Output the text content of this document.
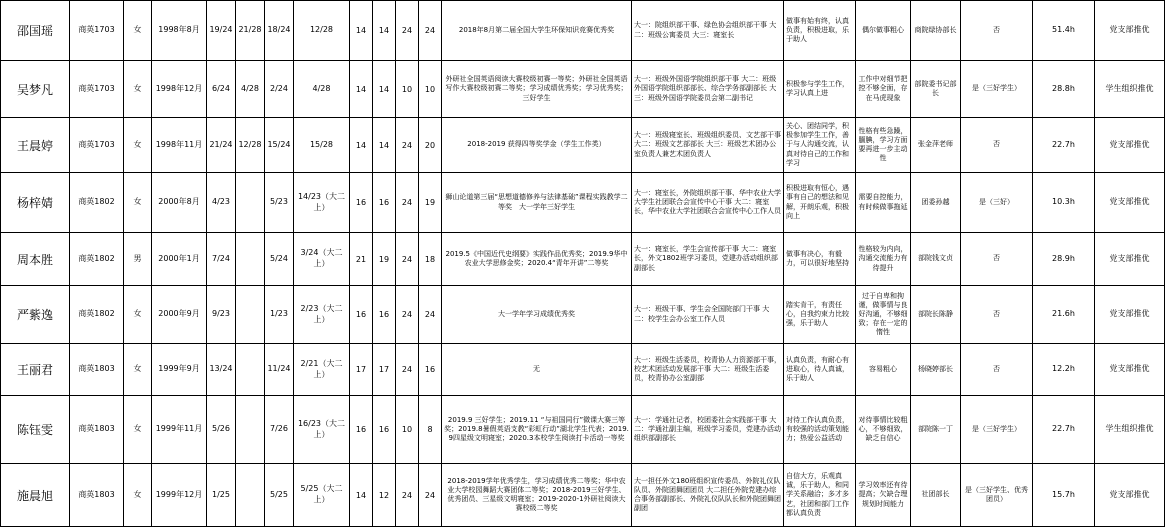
邵国瑶	商英1703	女	1998年8月	19/24	21/28	18/24	12/28	14	14	24	24	2018年8月第二届全国大学生环保知识竞赛优秀奖	大一：院组织部干事、绿色协会组织部干事 大二：班级公寓委员 大三：寝室长	做事有始有终，认真负责，积极进取，乐于助人	偶尔做事粗心	商院绿协部长	否	51.4h	党支部推优
吴梦凡	商英1703	女	1998年12月	6/24	4/28	2/24	4/28	14	14	10	10	外研社全国英语阅读大赛校级初赛一等奖；外研社全国英语写作大赛校级初赛二等奖；学习成绩优秀奖；学习优秀奖；三好学生	大一：班级外国语学院组织部干事 大二：班级外国语学院组织部部长、综合学务部副部长 大三：班级外国语学院委员会第二副书记	积极参与学生工作，学习认真上进	工作中对细节把控不够全面，存在马虎现象	部院委书记部长	是（三好学生）	28.8h	学生组织推优
王晨婷	商英1703	女	1998年11月	21/24	12/28	15/24	15/28	14	14	24	20	2018-2019 获得四等奖学金（学生工作类）	大一：班级寝室长、班级组织委员、文艺部干事 大二：班级文艺部部长 大三：班级艺术团办公室负责人兼艺术团负责人	关心、团结同学，积极参加学生工作，善于与人沟通交流，认真对待自己的工作和学习	性格有些急躁，腼腆，学习方面要再进一步主动性	张金萍老师	否	22.7h	党支部推优
杨梓婧	商英1802	女	2000年8月	4/23		5/23	14/23（大二上）	16	16	24	19	狮山论道第三届“思想道德修养与法律基础”课程实践教学二等奖　大一学年三好学生	大一：寝室长，外院组织部干事、华中农业大学大学生社团联合会宣传中心干事 大二：寝室长，华中农业大学社团联合会宣传中心工作人员	积极进取有恒心，遇事有自己的想法和见解，开朗乐观，积极向上	需要自控能力，有时候做事拖延	团委孙越	是（三好）	10.3h	党支部推优
周本胜	商英1802	男	2000年1月	7/24		5/24	3/24（大二上）	21	19	24	18	2019.5《中国近代史纲要》实践作品优秀奖；2019.9华中农业大学思修金奖；2020.4“青年开讲”二等奖	大一：寝室长，学生会宣传部干事 大二：寝室长，外文1802班学习委员，党建办活动组织部副部长	做事有决心，有毅力，可以很好地坚持	性格较为内向，沟通交流能力有待提升	部院钱文贞	否	28.9h	党支部推优
严紫逸	商英1802	女	2000年9月	9/23		1/23	2/23（大二上）	16	16	24	24	大一学年学习成绩优秀奖	大一：班级干事、学生会全国院部门干事 大二：校学生会办公室工作人员	踏实肯干，有责任心，自我约束力比较强，乐于助人	过于自卑和拘谨，做事情与良好沟通，不够细致；存在一定的惰性	部院长陈静	否	21.6h	党支部推优
王丽君	商英1803	女	1999年9月	13/24		11/24	2/21（大二上）	17	17	24	16	无	大一：班级生活委员，校青协人力资源部干事，校艺术团活动发展部干事 大二：班级生活委员，校青协办公室副部	认真负责，有耐心有进取心，待人真诚，乐于助人	容易粗心	杨晓婷部长	否	12.2h	党支部推优
陈钰雯	商英1803	女	1999年11月	5/26		7/26	16/23（大二上）	16	16	10	8	2019.9 三好学生；2019.11 “与祖国同行”微课大赛三等奖；2019.8暑假英语支教“彩虹行动”湖北学生代表；2019.9四星级文明寝室；2020.3本校学生阅读打卡活动一等奖	大一：学通社记者，校团委社会实践部干事 大二：学通社副主编，班级学习委员，党建办活动组织部副部长	对待工作认真负责，有较强的活动策划能力；热爱公益活动	对待事情比较粗心，不够细致，缺乏自信心	部院陈一丁	是（三好学生）	22.7h	学生组织推优
施晨旭	商英1803	女	1999年12月	1/25		5/25	5/25（大二上）	14	12	24	24	2018-2019学年优秀学生，学习成绩优秀二等奖；华中农业大学校园舞蹈大赛团体二等奖；2018-2019三好学生、优秀团员、三星级文明寝室；2019-2020-1外研社阅读大赛校级二等奖	大一担任外文180班组织宣传委员、外院礼仪队队员、外院团舞团团员 大二担任外院党建办综合事务部副部长、外院礼仪队队长和外院团舞团副团	自信大方，乐观真诚，乐于助人，和同学关系融洽；多才多艺，社团和部门工作都认真负责	学习效率还有待提高；欠缺合理规划时间能力	社团部长	是（三好学生、优秀团员）	15.7h	党支部推优
